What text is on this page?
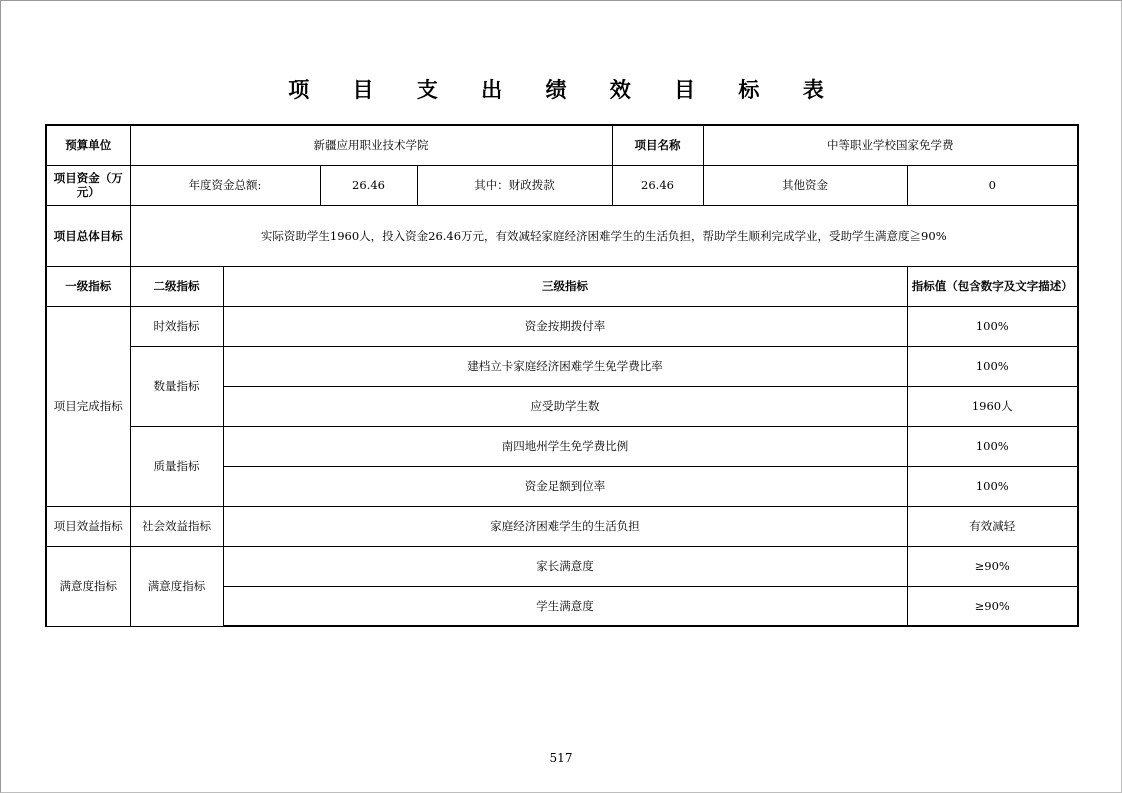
项 目 支 出 绩 效 目 标 表
预算单位	新疆应用职业技术学院				项目名称	中等职业学校国家免学费	
项目资金（万元）	年度资金总额:		26.46	其中：财政拨款	26.46	其他资金	0
项目总体目标	实际资助学生1960人，投入资金26.46万元，有效减轻家庭经济困难学生的生活负担，帮助学生顺利完成学业，受助学生满意度≧90%						
一级指标	二级指标	三级指标					指标值（包含数字及文字描述）
项目完成指标	时效指标	资金按期拨付率					100%
	数量指标	建档立卡家庭经济困难学生免学费比率					100%
		应受助学生数					1960人
	质量指标	南四地州学生免学费比例					100%
		资金足额到位率					100%
项目效益指标	社会效益指标	家庭经济困难学生的生活负担					有效减轻
满意度指标	满意度指标	家长满意度					≥90%
		学生满意度					≥90%
517
